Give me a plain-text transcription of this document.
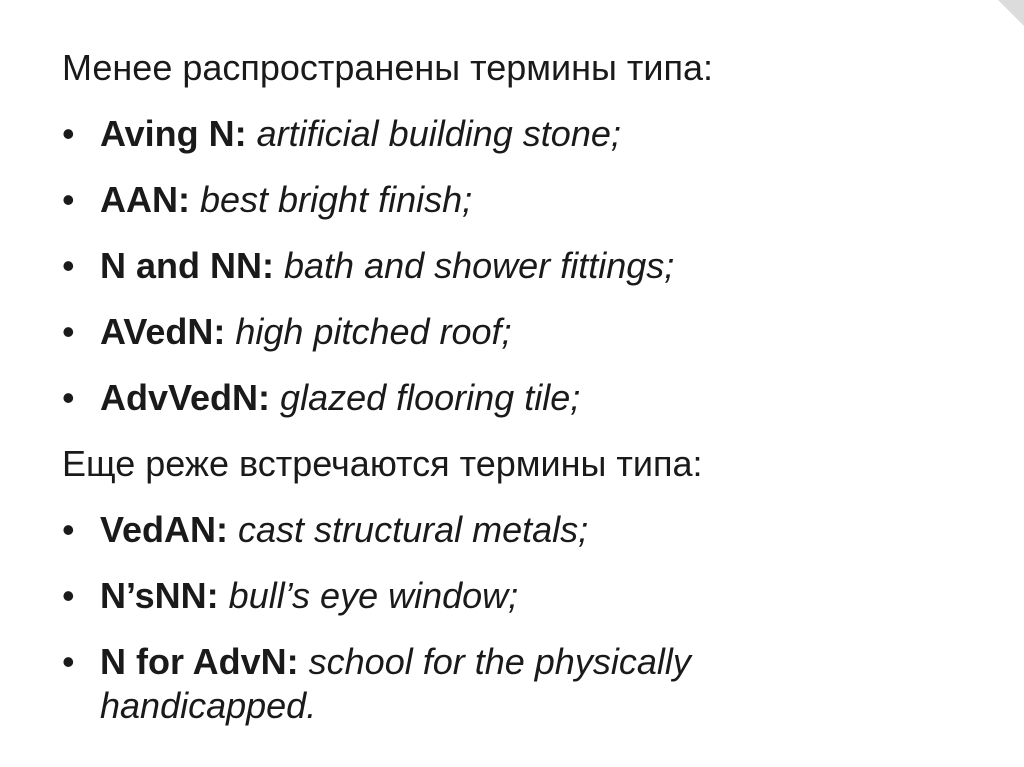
Менее распространены термины типа:
• Aving N: artificial building stone;
• AAN: best bright finish;
• N and NN: bath and shower fittings;
• AVedN: high pitched roof;
• AdvVedN: glazed flooring tile;
Еще реже встречаются термины типа:
• VedAN: cast structural metals;
• N’sNN: bull’s eye window;
• N for AdvN: school for the physically handicapped.
